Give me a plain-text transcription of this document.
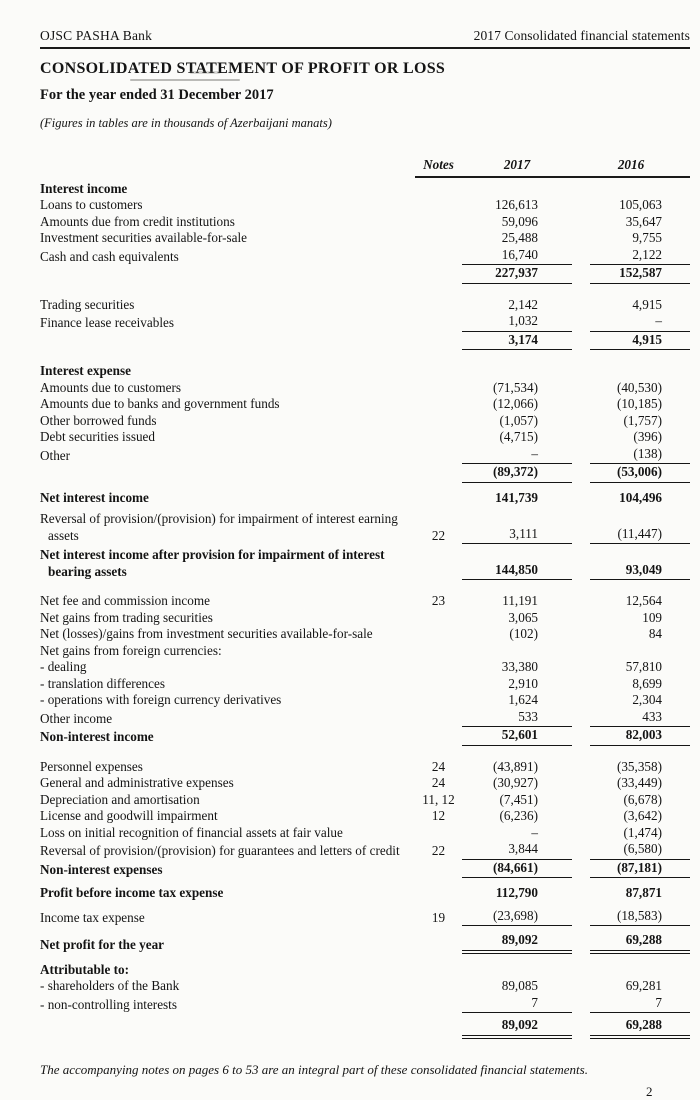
OJSC PASHA Bank	2017 Consolidated financial statements
CONSOLIDATED STATEMENT OF PROFIT OR LOSS
For the year ended 31 December 2017
(Figures in tables are in thousands of Azerbaijani manats)
Notes	2017	2016
Interest income
Loans to customers	126,613	105,063
Amounts due from credit institutions	59,096	35,647
Investment securities available-for-sale	25,488	9,755
Cash and cash equivalents	16,740	2,122
227,937	152,587
Trading securities	2,142	4,915
Finance lease receivables	1,032	–
3,174	4,915
Interest expense
Amounts due to customers	(71,534)	(40,530)
Amounts due to banks and government funds	(12,066)	(10,185)
Other borrowed funds	(1,057)	(1,757)
Debt securities issued	(4,715)	(396)
Other	–	(138)
(89,372)	(53,006)
Net interest income	141,739	104,496
Reversal of provision/(provision) for impairment of interest earning assets	22	3,111	(11,447)
Net interest income after provision for impairment of interest bearing assets	144,850	93,049
Net fee and commission income	23	11,191	12,564
Net gains from trading securities	3,065	109
Net (losses)/gains from investment securities available-for-sale	(102)	84
Net gains from foreign currencies:
- dealing	33,380	57,810
- translation differences	2,910	8,699
- operations with foreign currency derivatives	1,624	2,304
Other income	533	433
Non-interest income	52,601	82,003
Personnel expenses	24	(43,891)	(35,358)
General and administrative expenses	24	(30,927)	(33,449)
Depreciation and amortisation	11, 12	(7,451)	(6,678)
License and goodwill impairment	12	(6,236)	(3,642)
Loss on initial recognition of financial assets at fair value	–	(1,474)
Reversal of provision/(provision) for guarantees and letters of credit	22	3,844	(6,580)
Non-interest expenses	(84,661)	(87,181)
Profit before income tax expense	112,790	87,871
Income tax expense	19	(23,698)	(18,583)
Net profit for the year	89,092	69,288
Attributable to:
- shareholders of the Bank	89,085	69,281
- non-controlling interests	7	7
89,092	69,288
The accompanying notes on pages 6 to 53 are an integral part of these consolidated financial statements.
2
